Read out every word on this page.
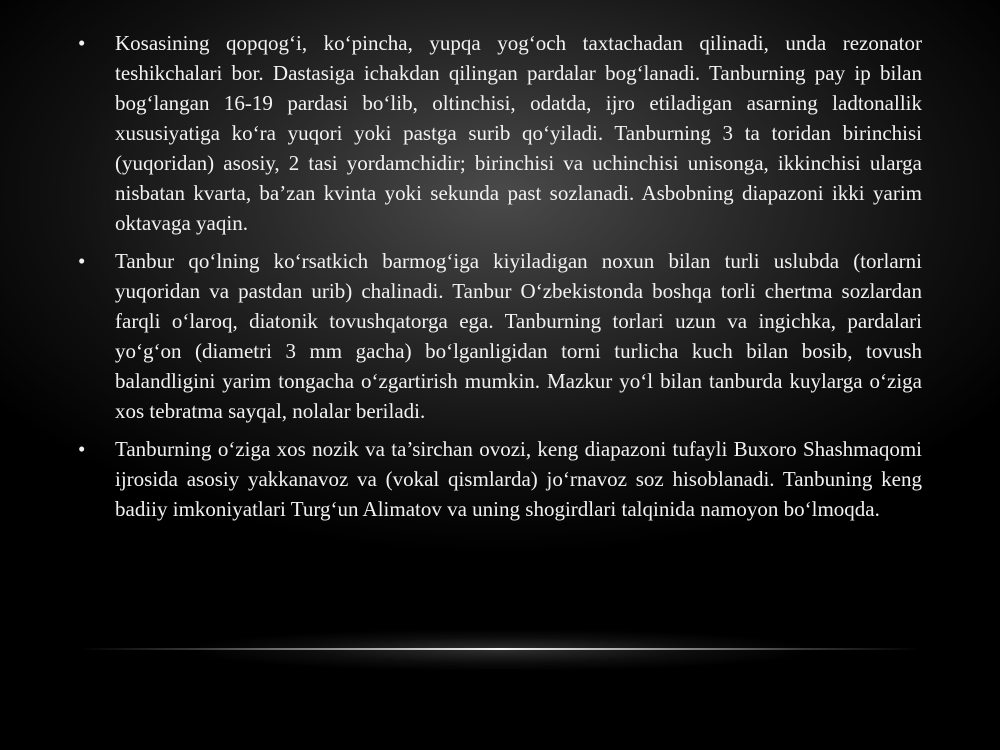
• Kosasining qopqog‘i, ko‘pincha, yupqa yog‘och taxtachadan qilinadi, unda rezonator teshikchalari bor. Dastasiga ichakdan qilingan pardalar bog‘lanadi. Tanburning pay ip bilan bog‘langan 16-19 pardasi bo‘lib, oltinchisi, odatda, ijro etiladigan asarning ladtonallik xususiyatiga ko‘ra yuqori yoki pastga surib qo‘yiladi. Tanburning 3 ta toridan birinchisi (yuqoridan) asosiy, 2 tasi yordamchidir; birinchisi va uchinchisi unisonga, ikkinchisi ularga nisbatan kvarta, ba’zan kvinta yoki sekunda past sozlanadi. Asbobning diapazoni ikki yarim oktavaga yaqin.

• Tanbur qo‘lning ko‘rsatkich barmog‘iga kiyiladigan noxun bilan turli uslubda (torlarni yuqoridan va pastdan urib) chalinadi. Tanbur O‘zbekistonda boshqa torli chertma sozlardan farqli o‘laroq, diatonik tovushqatorga ega. Tanburning torlari uzun va ingichka, pardalari yo‘g‘on (diametri 3 mm gacha) bo‘lganligidan torni turlicha kuch bilan bosib, tovush balandligini yarim tongacha o‘zgartirish mumkin. Mazkur yo‘l bilan tanburda kuylarga o‘ziga xos tebratma sayqal, nolalar beriladi.

• Tanburning o‘ziga xos nozik va ta’sirchan ovozi, keng diapazoni tufayli Buxoro Shashmaqomi ijrosida asosiy yakkanavoz va (vokal qismlarda) jo‘rnavoz soz hisoblanadi. Tanbuning keng badiiy imkoniyatlari Turg‘un Alimatov va uning shogirdlari talqinida namoyon bo‘lmoqda.
